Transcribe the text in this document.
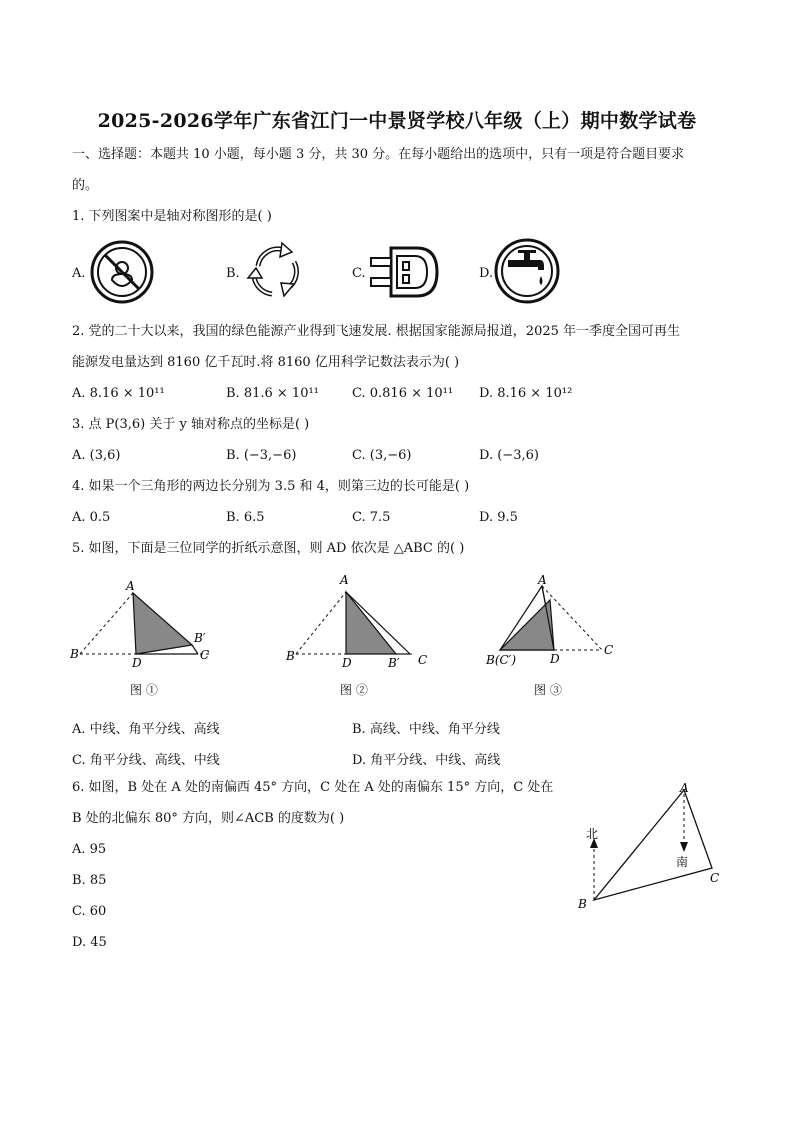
2025-2026学年广东省江门一中景贤学校八年级（上）期中数学试卷
一、选择题：本题共 10 小题，每小题 3 分，共 30 分。在每小题给出的选项中，只有一项是符合题目要求
的。
1. 下列图案中是轴对称图形的是( )
A.	B.	C.	D.
2. 党的二十大以来，我国的绿色能源产业得到飞速发展. 根据国家能源局报道，2025 年一季度全国可再生
能源发电量达到 8160 亿千瓦时.将 8160 亿用科学记数法表示为( )
A. 8.16 × 10¹¹	B. 81.6 × 10¹¹	C. 0.816 × 10¹¹ D. 8.16 × 10¹²
3. 点 P(3,6) 关于 y 轴对称点的坐标是( )
A. (3,6)	B. (−3,−6)	C. (3,−6)	D. (−3,6)
4. 如果一个三角形的两边长分别为 3.5 和 4，则第三边的长可能是( )
A. 0.5	B. 6.5	C. 7.5	D. 9.5
5. 如图，下面是三位同学的折纸示意图，则 AD 依次是 △ABC 的( )
A
B
D
B′
C
图 ①
A
B	D	B′ C
图 ②
A
B(C′)	D
C
图 ③
A. 中线、角平分线、高线	B. 高线、中线、角平分线
C. 角平分线、高线、中线	D. 角平分线、中线、高线
6. 如图，B 处在 A 处的南偏西 45° 方向，C 处在 A 处的南偏东 15° 方向，C 处在
B 处的北偏东 80° 方向，则∠ACB 的度数为( )
A. 95
B. 85
C. 60
D. 45
A
B
C
北
南
